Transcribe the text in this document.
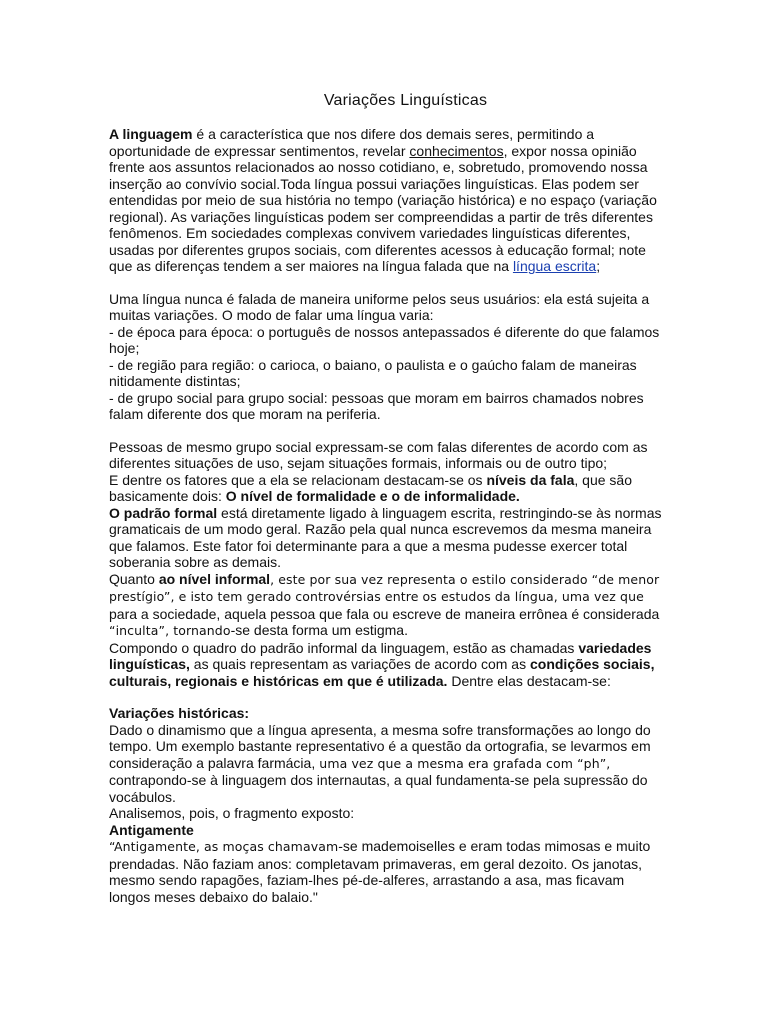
Variações Linguísticas

A linguagem é a característica que nos difere dos demais seres, permitindo a oportunidade de expressar sentimentos, revelar conhecimentos, expor nossa opinião frente aos assuntos relacionados ao nosso cotidiano, e, sobretudo, promovendo nossa inserção ao convívio social.Toda língua possui variações linguísticas. Elas podem ser entendidas por meio de sua história no tempo (variação histórica) e no espaço (variação regional). As variações linguísticas podem ser compreendidas a partir de três diferentes fenômenos. Em sociedades complexas convivem variedades linguísticas diferentes, usadas por diferentes grupos sociais, com diferentes acessos à educação formal; note que as diferenças tendem a ser maiores na língua falada que na língua escrita;

Uma língua nunca é falada de maneira uniforme pelos seus usuários: ela está sujeita a muitas variações. O modo de falar uma língua varia:
- de época para época: o português de nossos antepassados é diferente do que falamos hoje;
- de região para região: o carioca, o baiano, o paulista e o gaúcho falam de maneiras nitidamente distintas;
- de grupo social para grupo social: pessoas que moram em bairros chamados nobres falam diferente dos que moram na periferia.

Pessoas de mesmo grupo social expressam-se com falas diferentes de acordo com as diferentes situações de uso, sejam situações formais, informais ou de outro tipo;
E dentre os fatores que a ela se relacionam destacam-se os níveis da fala, que são basicamente dois: O nível de formalidade e o de informalidade.
O padrão formal está diretamente ligado à linguagem escrita, restringindo-se às normas gramaticais de um modo geral. Razão pela qual nunca escrevemos da mesma maneira que falamos. Este fator foi determinante para a que a mesma pudesse exercer total soberania sobre as demais.
Quanto ao nível informal, este por sua vez representa o estilo considerado “de menor prestígio”, e isto tem gerado controvérsias entre os estudos da língua, uma vez que para a sociedade, aquela pessoa que fala ou escreve de maneira errônea é considerada “inculta”, tornando-se desta forma um estigma.
Compondo o quadro do padrão informal da linguagem, estão as chamadas variedades linguísticas, as quais representam as variações de acordo com as condições sociais, culturais, regionais e históricas em que é utilizada. Dentre elas destacam-se:

Variações históricas:
Dado o dinamismo que a língua apresenta, a mesma sofre transformações ao longo do tempo. Um exemplo bastante representativo é a questão da ortografia, se levarmos em consideração a palavra farmácia, uma vez que a mesma era grafada com “ph”, contrapondo-se à linguagem dos internautas, a qual fundamenta-se pela supressão do vocábulos.
Analisemos, pois, o fragmento exposto:
Antigamente
“Antigamente, as moças chamavam-se mademoiselles e eram todas mimosas e muito prendadas. Não faziam anos: completavam primaveras, em geral dezoito. Os janotas, mesmo sendo rapagões, faziam-lhes pé-de-alferes, arrastando a asa, mas ficavam longos meses debaixo do balaio."
